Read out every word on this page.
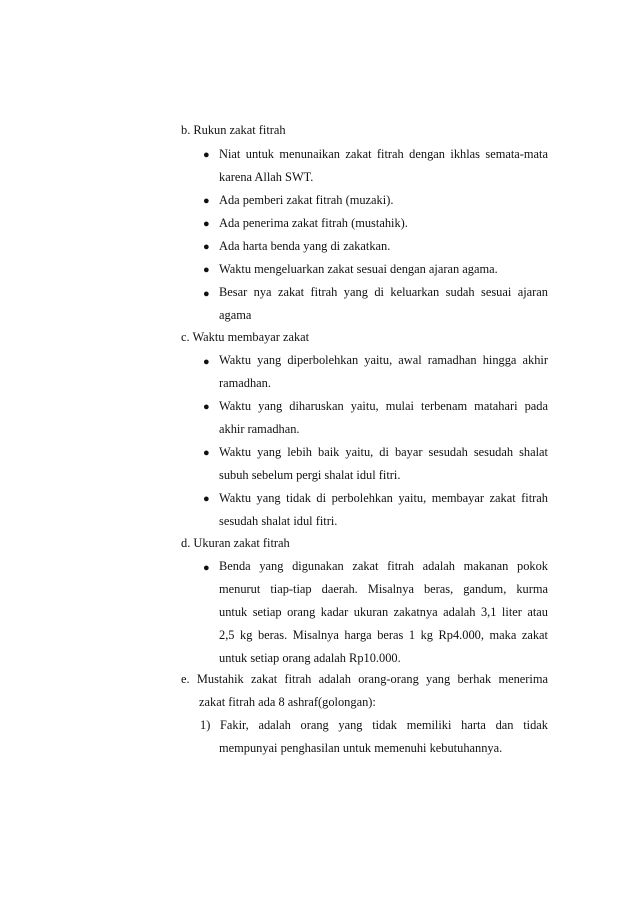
b. Rukun zakat fitrah
● Niat untuk menunaikan zakat fitrah dengan ikhlas semata-mata
karena Allah SWT.
● Ada pemberi zakat fitrah (muzaki).
● Ada penerima zakat fitrah (mustahik).
● Ada harta benda yang di zakatkan.
● Waktu mengeluarkan zakat sesuai dengan ajaran agama.
● Besar nya zakat fitrah yang di keluarkan sudah sesuai ajaran
agama
c. Waktu membayar zakat
● Waktu yang diperbolehkan yaitu, awal ramadhan hingga akhir
ramadhan.
● Waktu yang diharuskan yaitu, mulai terbenam matahari pada
akhir ramadhan.
● Waktu yang lebih baik yaitu, di bayar sesudah sesudah shalat
subuh sebelum pergi shalat idul fitri.
● Waktu yang tidak di perbolehkan yaitu, membayar zakat fitrah
sesudah shalat idul fitri.
d. Ukuran zakat fitrah
● Benda yang digunakan zakat fitrah adalah makanan pokok
menurut tiap-tiap daerah. Misalnya beras, gandum, kurma
untuk setiap orang kadar ukuran zakatnya adalah 3,1 liter atau
2,5 kg beras. Misalnya harga beras 1 kg Rp4.000, maka zakat
untuk setiap orang adalah Rp10.000.
e. Mustahik zakat fitrah adalah orang-orang yang berhak menerima
zakat fitrah ada 8 ashraf(golongan):
1) Fakir, adalah orang yang tidak memiliki harta dan tidak
mempunyai penghasilan untuk memenuhi kebutuhannya.
